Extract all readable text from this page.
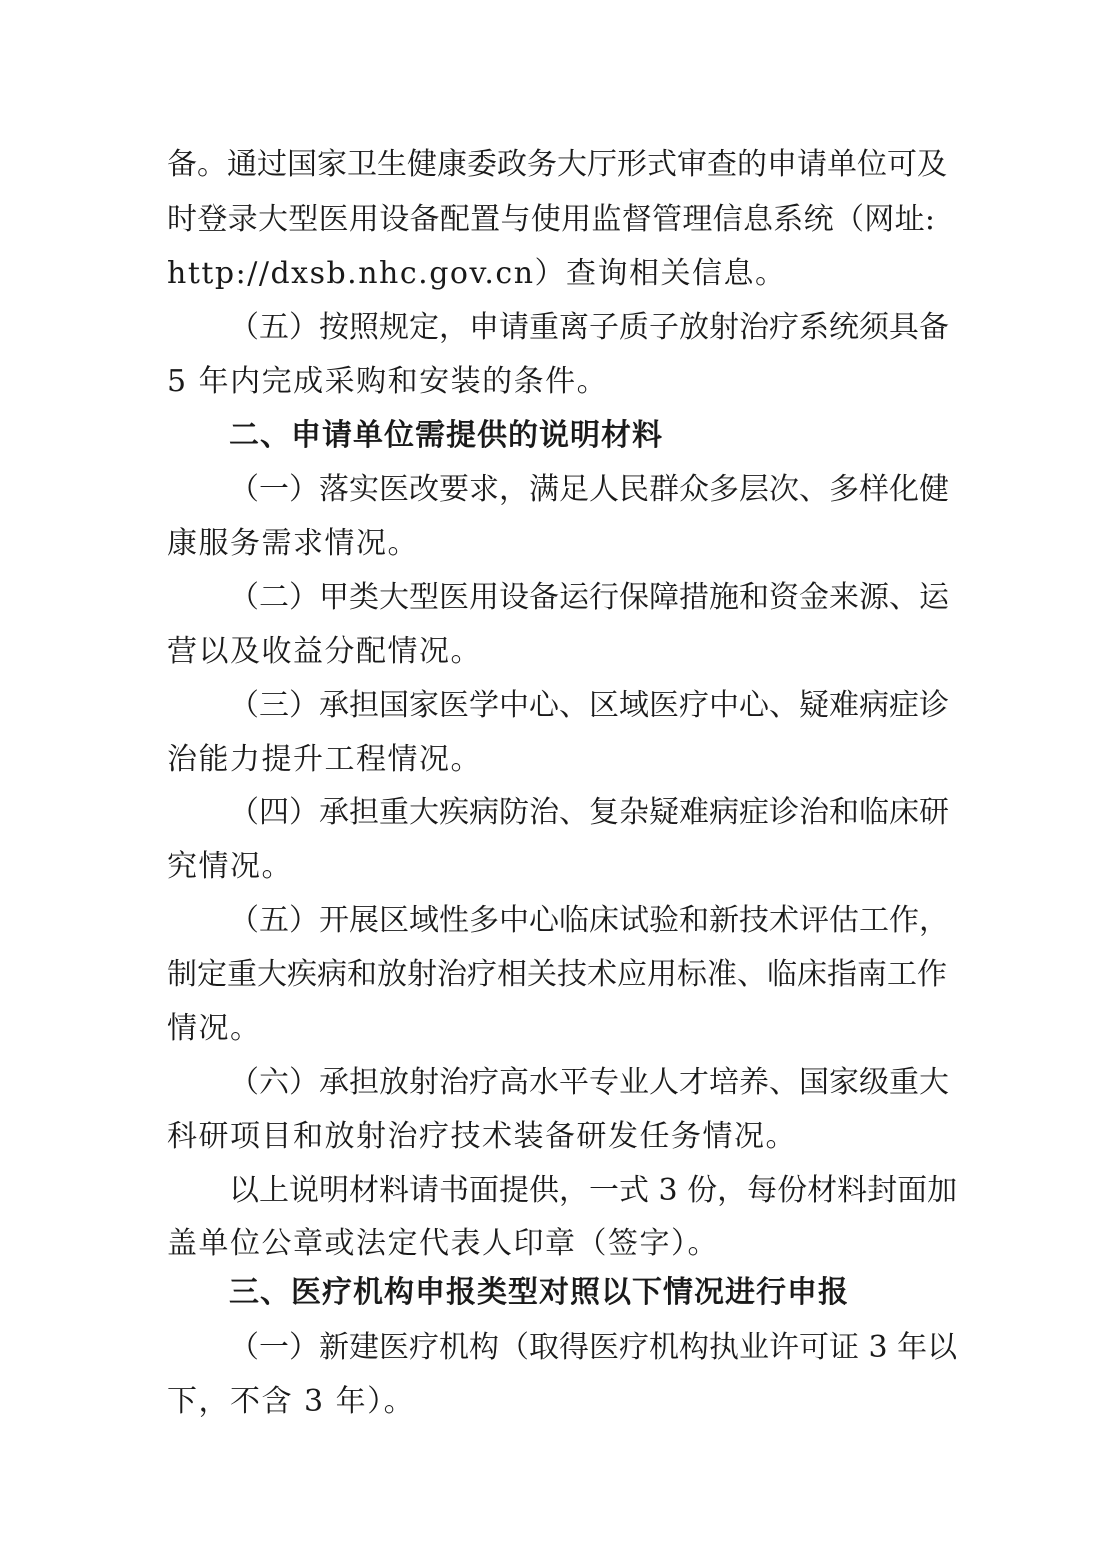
备。通过国家卫生健康委政务大厅形式审查的申请单位可及
时登录大型医用设备配置与使用监督管理信息系统（网址:
http://dxsb.nhc.gov.cn）查询相关信息。
（五）按照规定，申请重离子质子放射治疗系统须具备
5 年内完成采购和安装的条件。
二、申请单位需提供的说明材料
（一）落实医改要求，满足人民群众多层次、多样化健
康服务需求情况。
（二）甲类大型医用设备运行保障措施和资金来源、运
营以及收益分配情况。
（三）承担国家医学中心、区域医疗中心、疑难病症诊
治能力提升工程情况。
（四）承担重大疾病防治、复杂疑难病症诊治和临床研
究情况。
（五）开展区域性多中心临床试验和新技术评估工作，
制定重大疾病和放射治疗相关技术应用标准、临床指南工作
情况。
（六）承担放射治疗高水平专业人才培养、国家级重大
科研项目和放射治疗技术装备研发任务情况。
以上说明材料请书面提供，一式 3 份，每份材料封面加
盖单位公章或法定代表人印章（签字）。
三、医疗机构申报类型对照以下情况进行申报
（一）新建医疗机构（取得医疗机构执业许可证 3 年以
下，不含 3 年）。
